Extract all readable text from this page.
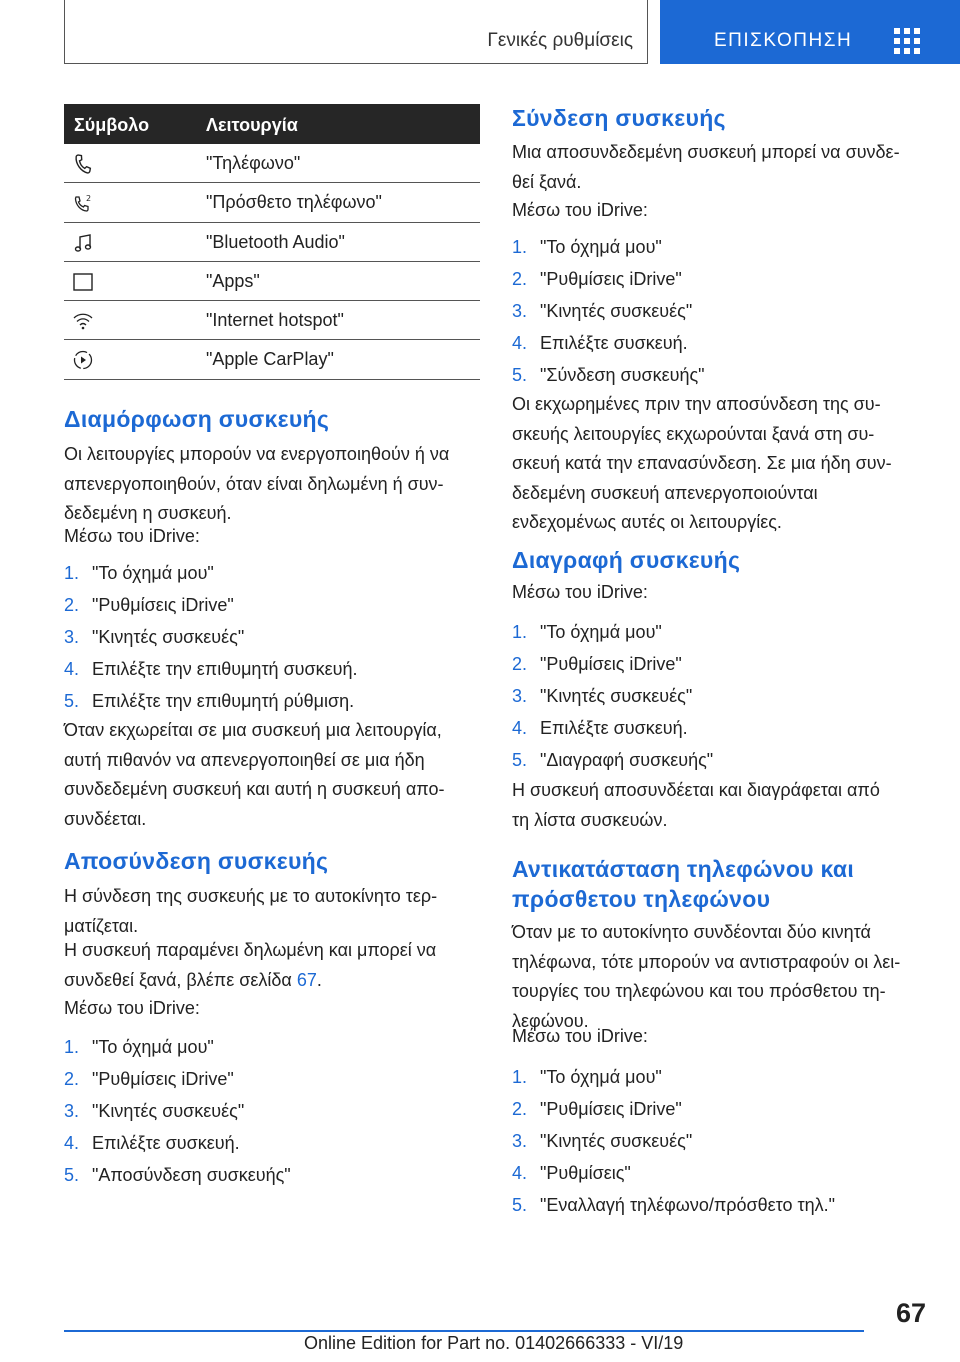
Γενικές ρυθμίσεις	ΕΠΙΣΚΟΠΗΣΗ
Σύμβολο	Λειτουργία
"Τηλέφωνο"
2	"Πρόσθετο τηλέφωνο"
"Bluetooth Audio"
"Apps"
"Internet hotspot"
"Apple CarPlay"
Διαμόρφωση συσκευής
Οι λειτουργίες μπορούν να ενεργοποιηθούν ή να
απενεργοποιηθούν, όταν είναι δηλωμένη ή συν-
δεδεμένη η συσκευή.
Μέσω του iDrive:
1. "Το όχημά μου"
2. "Ρυθμίσεις iDrive"
3. "Κινητές συσκευές"
4. Επιλέξτε την επιθυμητή συσκευή.
5. Επιλέξτε την επιθυμητή ρύθμιση.
Όταν εκχωρείται σε μια συσκευή μια λειτουργία,
αυτή πιθανόν να απενεργοποιηθεί σε μια ήδη
συνδεδεμένη συσκευή και αυτή η συσκευή απο-
συνδέεται.
Αποσύνδεση συσκευής
Η σύνδεση της συσκευής με το αυτοκίνητο τερ-
ματίζεται.
Η συσκευή παραμένει δηλωμένη και μπορεί να
συνδεθεί ξανά, βλέπε σελίδα 67.
Μέσω του iDrive:
1. "Το όχημά μου"
2. "Ρυθμίσεις iDrive"
3. "Κινητές συσκευές"
4. Επιλέξτε συσκευή.
5. "Αποσύνδεση συσκευής"
Σύνδεση συσκευής
Μια αποσυνδεδεμένη συσκευή μπορεί να συνδε-
θεί ξανά.
Μέσω του iDrive:
1. "Το όχημά μου"
2. "Ρυθμίσεις iDrive"
3. "Κινητές συσκευές"
4. Επιλέξτε συσκευή.
5. "Σύνδεση συσκευής"
Οι εκχωρημένες πριν την αποσύνδεση της συ-
σκευής λειτουργίες εκχωρούνται ξανά στη συ-
σκευή κατά την επανασύνδεση. Σε μια ήδη συν-
δεδεμένη συσκευή απενεργοποιούνται
ενδεχομένως αυτές οι λειτουργίες.
Διαγραφή συσκευής
Μέσω του iDrive:
1. "Το όχημά μου"
2. "Ρυθμίσεις iDrive"
3. "Κινητές συσκευές"
4. Επιλέξτε συσκευή.
5. "Διαγραφή συσκευής"
Η συσκευή αποσυνδέεται και διαγράφεται από
τη λίστα συσκευών.
Αντικατάσταση τηλεφώνου και
πρόσθετου τηλεφώνου
Όταν με το αυτοκίνητο συνδέονται δύο κινητά
τηλέφωνα, τότε μπορούν να αντιστραφούν οι λει-
τουργίες του τηλεφώνου και του πρόσθετου τη-
λεφώνου.
Μέσω του iDrive:
1. "Το όχημά μου"
2. "Ρυθμίσεις iDrive"
3. "Κινητές συσκευές"
4. "Ρυθμίσεις"
5. "Εναλλαγή τηλέφωνο/πρόσθετο τηλ."
67
Online Edition for Part no. 01402666333 - VI/19
